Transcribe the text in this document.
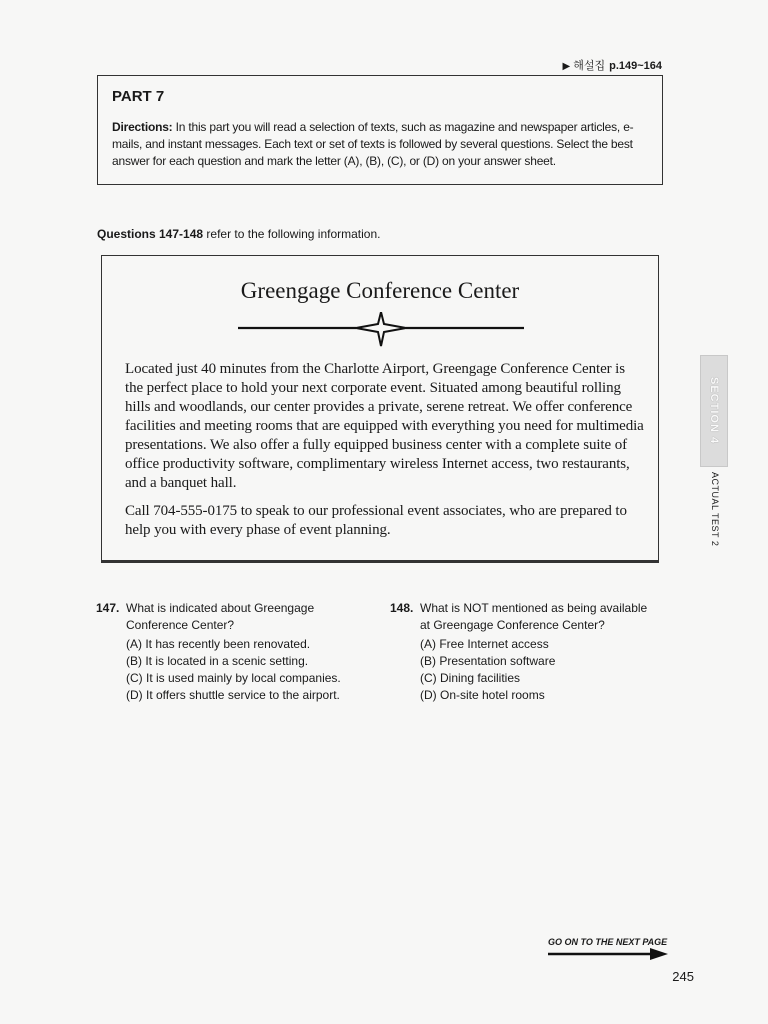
▶ 해설집 p.149~164
PART 7
Directions: In this part you will read a selection of texts, such as magazine and newspaper articles, e-mails, and instant messages. Each text or set of texts is followed by several questions. Select the best answer for each question and mark the letter (A), (B), (C), or (D) on your answer sheet.
Questions 147-148 refer to the following information.
Greengage Conference Center

Located just 40 minutes from the Charlotte Airport, Greengage Conference Center is the perfect place to hold your next corporate event. Situated among beautiful rolling hills and woodlands, our center provides a private, serene retreat. We offer conference facilities and meeting rooms that are equipped with everything you need for multimedia presentations. We also offer a fully equipped business center with a complete suite of office productivity software, complimentary wireless Internet access, two restaurants, and a banquet hall.

Call 704-555-0175 to speak to our professional event associates, who are prepared to help you with every phase of event planning.

SECTION 4
ACTUAL TEST 2
147. What is indicated about Greengage Conference Center?
(A) It has recently been renovated.
(B) It is located in a scenic setting.
(C) It is used mainly by local companies.
(D) It offers shuttle service to the airport.
148. What is NOT mentioned as being available at Greengage Conference Center?
(A) Free Internet access
(B) Presentation software
(C) Dining facilities
(D) On-site hotel rooms
GO ON TO THE NEXT PAGE
245
